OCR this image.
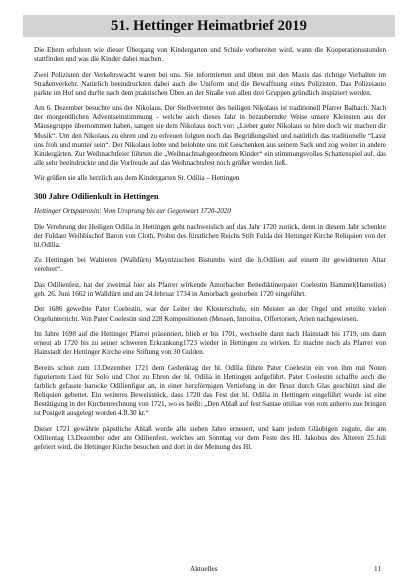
51. Hettinger Heimatbrief 2019

Die Eltern erfuhren wie dieser Übergang von Kindergarten und Schule vorbereitet wird, wann die Kooperationsstunden stattfinden und was die Kinder dabei machen.

Zwei Polizisten der Verkehrswacht waren bei uns. Sie informierten und übten mit den Maxis das richtige Verhalten im Straßenverkehr. Natürlich beeindruckten dabei auch die Uniform und die Bewaffnung eines Polizisten. Das Polizeiauto parkte im Hof und durfte nach dem praktischen Üben an der Straße von allen drei Gruppen gründlich inspiziert werden.

Am 6. Dezember besuchte uns der Nikolaus. Der Stellvertreter des heiligen Nikolaus ist traditionell Pfarrer Balbach. Nach der morgendlichen Adventseinstimmung - welche auch dieses Jahr in bezaubernder Weise unsere Kleinsten aus der Mäusegruppe übernommen haben, sangen sie dem Nikolaus noch vor: „Lieber guter Nikolaus so höre doch wir machen dir Musik“. Um den Nikolaus zu ehren und zu erfreuen folgten noch das Begrüßungslied und natürlich das traditionelle “Lasst uns froh und munter sein“. Der Nikolaus lobte und belohnte uns mit Geschenken aus seinem Sack und zog weiter in andere Kindergärten. Zur Weihnachtfeier führten die „Weihnachtsabgeordneten Kinder“ ein stimmungsvolles Schattenspiel auf, das alle sehr beeindruckte und die Vorfreude auf das Weihnachtsfest noch größer werden ließ.

Wir grüßen sie alle herzlich aus dem Kindergarten St. Odilia – Hettingen

300 Jahre Odilienkult in Hettingen

Hettinger Ortspatronin: Vom Ursprung bis zur Gegenwart 1720-2020

Die Verehrung der Heiligen Odilia in Hettingen geht nachweislich auf das Jahr 1720 zurück, denn in diesem Jahr schenkte der Fuldaer Weihbischof Baron von Cloth, Probst des fürstlichen Reichs Stift Fulda der Hettinger Kirche Reliquien von der hl.Odilia.

Zu Hettingen bei Waltieren (Walldürn) Mayntzischen Bistumbs wird die h.Odilien auf einem ihr gewidmeten Altar verehret“.

Das Odilienfest, hat der zweimal hier als Pfarrer wirkende Amorbacher Benediktinerpater Coelestin Hammel(Hamelius) geb. 26. Juni 1662 in Walldürn und am 24.februar 1734 in Amorbach gestorben 1720 eingeführt.

Der 1686 geweihte Pater Coelestin, war der Leiter der Klosterschule, ein Meister an der Orgel und erteilte vielen Orgelunterricht. Von Pater Coelestin sind 228 Kompositionen (Messen, Introitus, Offertorien, Arien nachgewiesen.

Im Jahre 1698 auf die Hettinger Pfarrei präsentiert, blieb er bis 1701, wechselte dann nach Hainstadt bis 1719, um dann erneut ab 1720 bis zu seiner schweren Erkrankung1723 wieder in Hettingen zu wirken. Er machte noch als Pfarrer von Hainstadt der Hettinger Kirche eine Stiftung von 30 Gulden.

Bereits schon zum 13.Dezember 1721 dem Gedenktag der hl. Odilia führte Pater Coelestin ein von ihm mit Noten figuriertem Lied für Solo und Chor zu Ehren der hl. Odilia in Hettingen aufgeführt. Pater Coelestin schaffte auch die farblich gefasste barocke Odilienfigur an, in einer herzförmigen Vertiefung in der Brust durch Glas geschützt sind die Reliquien gebettet. Ein weiteres Beweisstück, dass 1720 das Fest der hl. Odilia in Hettingen eingeführt wurde ist eine Bestätigung in der Kirchenrechnung von 1721, wo es heißt: „Den Ablaß auf fest Santae ottiliae von rom anherro zue bringen ist Postgelt ausgelegt worden 4.fl.30 kr.“

Dieser 1721 gewährte päpstliche Ablaß wurde alle sieben Jahre erneuert, und kam jedem Gläubigen zugute, die am Odilientag 13.Dezember oder am Odilienfest, welches am Sonntag vor dem Feste des Hl. Jakobus des Älteren 25.Juli gefeiert wird, die Hettinger Kirche besuchen und dort in der Meinung des Hl.

Aktuelles	11
